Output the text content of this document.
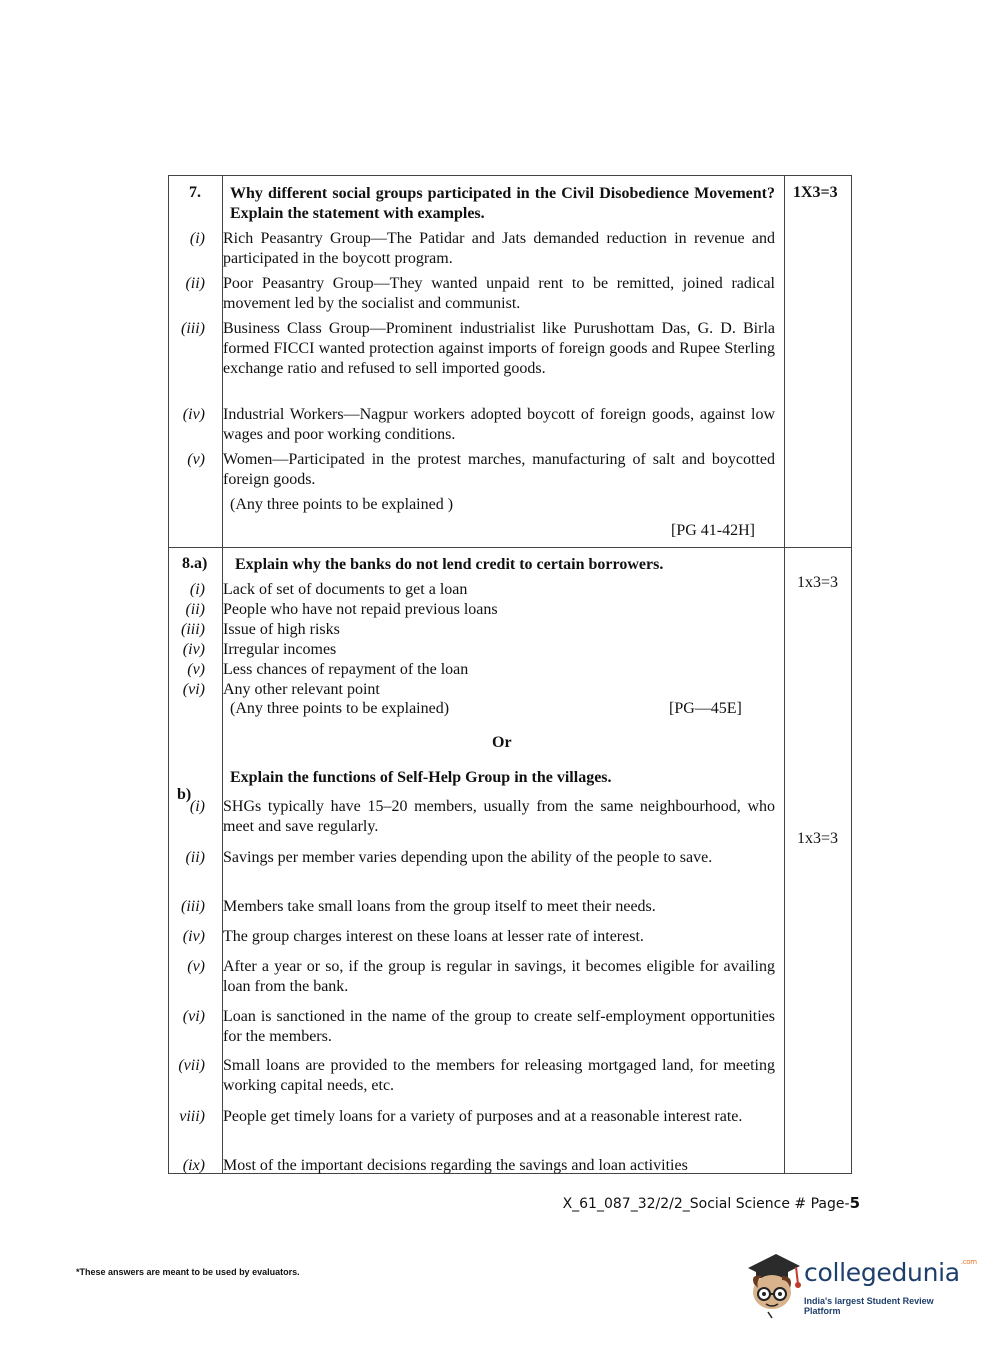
7. Why different social groups participated in the Civil Disobedience Movement? Explain the statement with examples.
1X3=3
(i) Rich Peasantry Group—The Patidar and Jats demanded reduction in revenue and participated in the boycott program.
(ii) Poor Peasantry Group—They wanted unpaid rent to be remitted, joined radical movement led by the socialist and communist.
(iii) Business Class Group—Prominent industrialist like Purushottam Das, G. D. Birla formed FICCI wanted protection against imports of foreign goods and Rupee Sterling exchange ratio and refused to sell imported goods.
(iv) Industrial Workers—Nagpur workers adopted boycott of foreign goods, against low wages and poor working conditions.
(v) Women—Participated in the protest marches, manufacturing of salt and boycotted foreign goods.
(Any three points to be explained )
[PG 41-42H]
8.a) Explain why the banks do not lend credit to certain borrowers.
1x3=3
(i) Lack of set of documents to get a loan
(ii) People who have not repaid previous loans
(iii) Issue of high risks
(iv) Irregular incomes
(v) Less chances of repayment of the loan
(vi) Any other relevant point
(Any three points to be explained)	[PG—45E]
Or
b)
Explain the functions of Self-Help Group in the villages.
1x3=3
(i) SHGs typically have 15–20 members, usually from the same neighbourhood, who meet and save regularly.
(ii) Savings per member varies depending upon the ability of the people to save.
(iii) Members take small loans from the group itself to meet their needs.
(iv) The group charges interest on these loans at lesser rate of interest.
(v) After a year or so, if the group is regular in savings, it becomes eligible for availing loan from the bank.
(vi) Loan is sanctioned in the name of the group to create self-employment opportunities for the members.
(vii) Small loans are provided to the members for releasing mortgaged land, for meeting working capital needs, etc.
viii) People get timely loans for a variety of purposes and at a reasonable interest rate.
(ix) Most of the important decisions regarding the savings and loan activities
X_61_087_32/2/2_Social Science # Page-5
*These answers are meant to be used by evaluators.	collegedunia$^{.com}$
India's largest Student Review Platform
